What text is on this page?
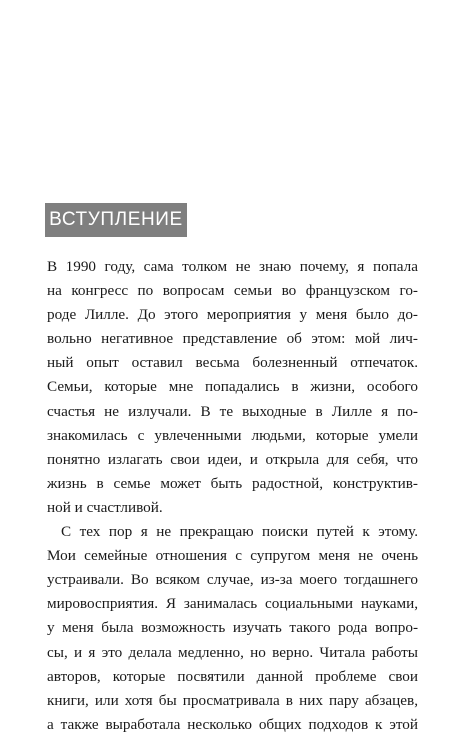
ВСТУПЛЕНИЕ
В 1990 году, сама толком не знаю почему, я попала
на конгресс по вопросам семьи во французском го-
роде Лилле. До этого мероприятия у меня было до-
вольно негативное представление об этом: мой лич-
ный опыт оставил весьма болезненный отпечаток.
Семьи, которые мне попадались в жизни, особого
счастья не излучали. В те выходные в Лилле я по-
знакомилась с увлеченными людьми, которые умели
понятно излагать свои идеи, и открыла для себя, что
жизнь в семье может быть радостной, конструктив-
ной и счастливой.
С тех пор я не прекращаю поиски путей к этому.
Мои семейные отношения с супругом меня не очень
устраивали. Во всяком случае, из-за моего тогдашнего
мировосприятия. Я занималась социальными науками,
у меня была возможность изучать такого рода вопро-
сы, и я это делала медленно, но верно. Читала работы
авторов, которые посвятили данной проблеме свои
книги, или хотя бы просматривала в них пару абзацев,
а также выработала несколько общих подходов к этой
